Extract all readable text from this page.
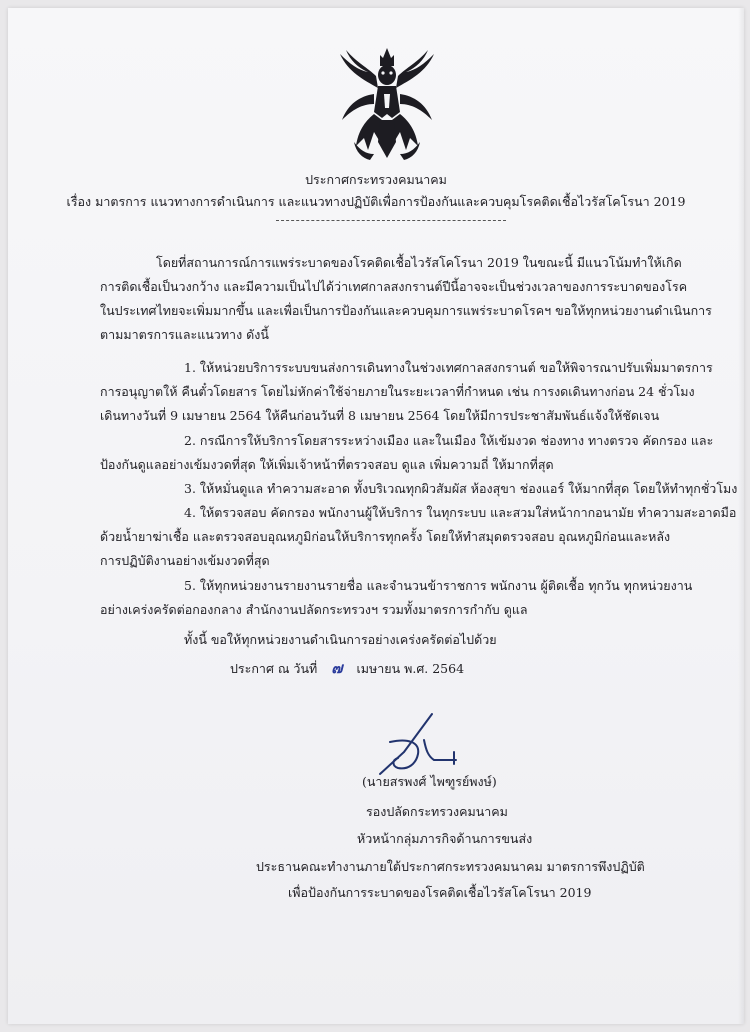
ประกาศกระทรวงคมนาคม
เรื่อง มาตรการ แนวทางการดำเนินการ และแนวทางปฏิบัติเพื่อการป้องกันและควบคุมโรคติดเชื้อไวรัสโคโรนา 2019
โดยที่สถานการณ์การแพร่ระบาดของโรคติดเชื้อไวรัสโคโรนา 2019 ในขณะนี้ มีแนวโน้มทำให้เกิด
การติดเชื้อเป็นวงกว้าง และมีความเป็นไปได้ว่าเทศกาลสงกรานต์ปีนี้อาจจะเป็นช่วงเวลาของการระบาดของโรค
ในประเทศไทยจะเพิ่มมากขึ้น และเพื่อเป็นการป้องกันและควบคุมการแพร่ระบาดโรคฯ ขอให้ทุกหน่วยงานดำเนินการ
ตามมาตรการและแนวทาง ดังนี้
1. ให้หน่วยบริการระบบขนส่งการเดินทางในช่วงเทศกาลสงกรานต์ ขอให้พิจารณาปรับเพิ่มมาตรการ
การอนุญาตให้ คืนตั๋วโดยสาร โดยไม่หักค่าใช้จ่ายภายในระยะเวลาที่กำหนด เช่น การงดเดินทางก่อน 24 ชั่วโมง
เดินทางวันที่ 9 เมษายน 2564 ให้คืนก่อนวันที่ 8 เมษายน 2564 โดยให้มีการประชาสัมพันธ์แจ้งให้ชัดเจน
2. กรณีการให้บริการโดยสารระหว่างเมือง และในเมือง ให้เข้มงวด ช่องทาง ทางตรวจ คัดกรอง และ
ป้องกันดูแลอย่างเข้มงวดที่สุด ให้เพิ่มเจ้าหน้าที่ตรวจสอบ ดูแล เพิ่มความถี่ ให้มากที่สุด
3. ให้หมั่นดูแล ทำความสะอาด ทั้งบริเวณทุกผิวสัมผัส ห้องสุขา ช่องแอร์ ให้มากที่สุด โดยให้ทำทุกชั่วโมง
4. ให้ตรวจสอบ คัดกรอง พนักงานผู้ให้บริการ ในทุกระบบ และสวมใส่หน้ากากอนามัย ทำความสะอาดมือ
ด้วยน้ำยาฆ่าเชื้อ และตรวจสอบอุณหภูมิก่อนให้บริการทุกครั้ง โดยให้ทำสมุดตรวจสอบ อุณหภูมิก่อนและหลัง
การปฏิบัติงานอย่างเข้มงวดที่สุด
5. ให้ทุกหน่วยงานรายงานรายชื่อ และจำนวนข้าราชการ พนักงาน ผู้ติดเชื้อ ทุกวัน ทุกหน่วยงาน
อย่างเคร่งครัดต่อกองกลาง สำนักงานปลัดกระทรวงฯ รวมทั้งมาตรการกำกับ ดูแล
ทั้งนี้ ขอให้ทุกหน่วยงานดำเนินการอย่างเคร่งครัดต่อไปด้วย
ประกาศ ณ วันที่ ๗ เมษายน พ.ศ. 2564
(นายสรพงศ์ ไพฑูรย์พงษ์)
รองปลัดกระทรวงคมนาคม
หัวหน้ากลุ่มภารกิจด้านการขนส่ง
ประธานคณะทำงานภายใต้ประกาศกระทรวงคมนาคม มาตรการพึงปฏิบัติ
เพื่อป้องกันการระบาดของโรคติดเชื้อไวรัสโคโรนา 2019
